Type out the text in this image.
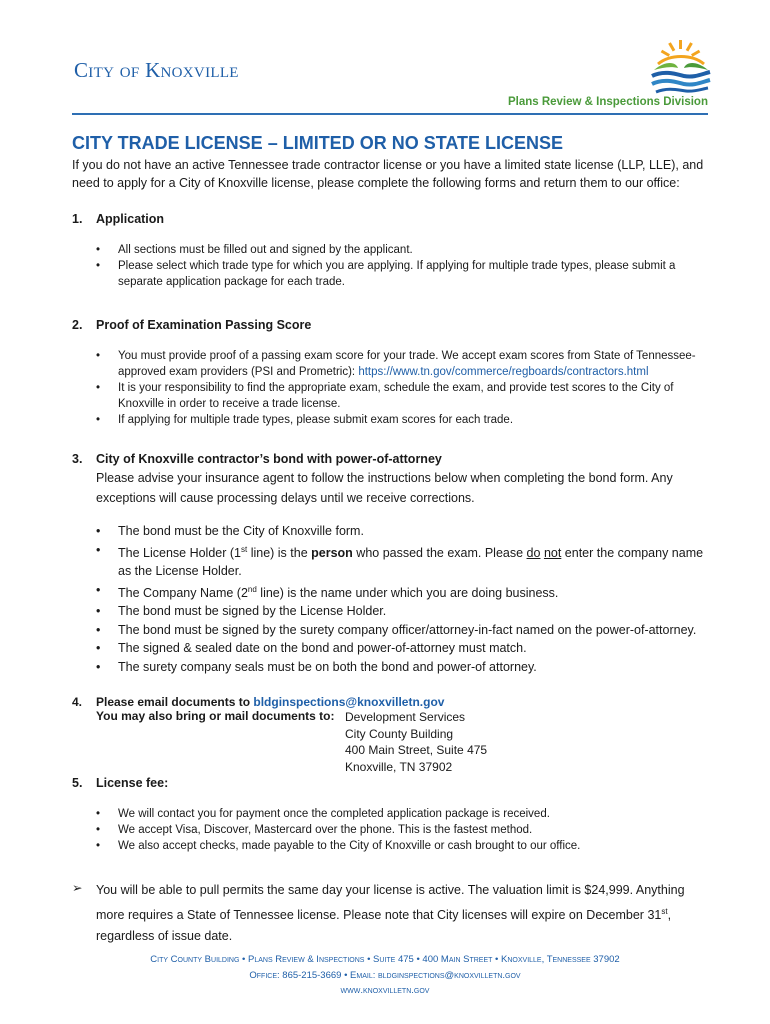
City of Knoxville
Plans Review & Inspections Division
CITY TRADE LICENSE – LIMITED OR NO STATE LICENSE
If you do not have an active Tennessee trade contractor license or you have a limited state license (LLP, LLE), and need to apply for a City of Knoxville license, please complete the following forms and return them to our office:
1. Application
• All sections must be filled out and signed by the applicant.
• Please select which trade type for which you are applying. If applying for multiple trade types, please submit a separate application package for each trade.
2. Proof of Examination Passing Score
• You must provide proof of a passing exam score for your trade. We accept exam scores from State of Tennessee-approved exam providers (PSI and Prometric): https://www.tn.gov/commerce/regboards/contractors.html
• It is your responsibility to find the appropriate exam, schedule the exam, and provide test scores to the City of Knoxville in order to receive a trade license.
• If applying for multiple trade types, please submit exam scores for each trade.
3. City of Knoxville contractor’s bond with power-of-attorney
Please advise your insurance agent to follow the instructions below when completing the bond form. Any exceptions will cause processing delays until we receive corrections.
• The bond must be the City of Knoxville form.
• The License Holder (1st line) is the person who passed the exam. Please do not enter the company name as the License Holder.
• The Company Name (2nd line) is the name under which you are doing business.
• The bond must be signed by the License Holder.
• The bond must be signed by the surety company officer/attorney-in-fact named on the power-of-attorney.
• The signed & sealed date on the bond and power-of-attorney must match.
• The surety company seals must be on both the bond and power-of attorney.
4. Please email documents to bldginspections@knoxvilletn.gov
You may also bring or mail documents to: Development Services
City County Building
400 Main Street, Suite 475
Knoxville, TN 37902
5. License fee:
• We will contact you for payment once the completed application package is received.
• We accept Visa, Discover, Mastercard over the phone. This is the fastest method.
• We also accept checks, made payable to the City of Knoxville or cash brought to our office.
➢	You will be able to pull permits the same day your license is active. The valuation limit is $24,999. Anything more requires a State of Tennessee license. Please note that City licenses will expire on December 31st, regardless of issue date.
City County Building • Plans Review & Inspections • Suite 475 • 400 Main Street • Knoxville, Tennessee 37902
Office: 865-215-3669 • Email: bldginspections@knoxvilletn.gov
www.knoxvilletn.gov
